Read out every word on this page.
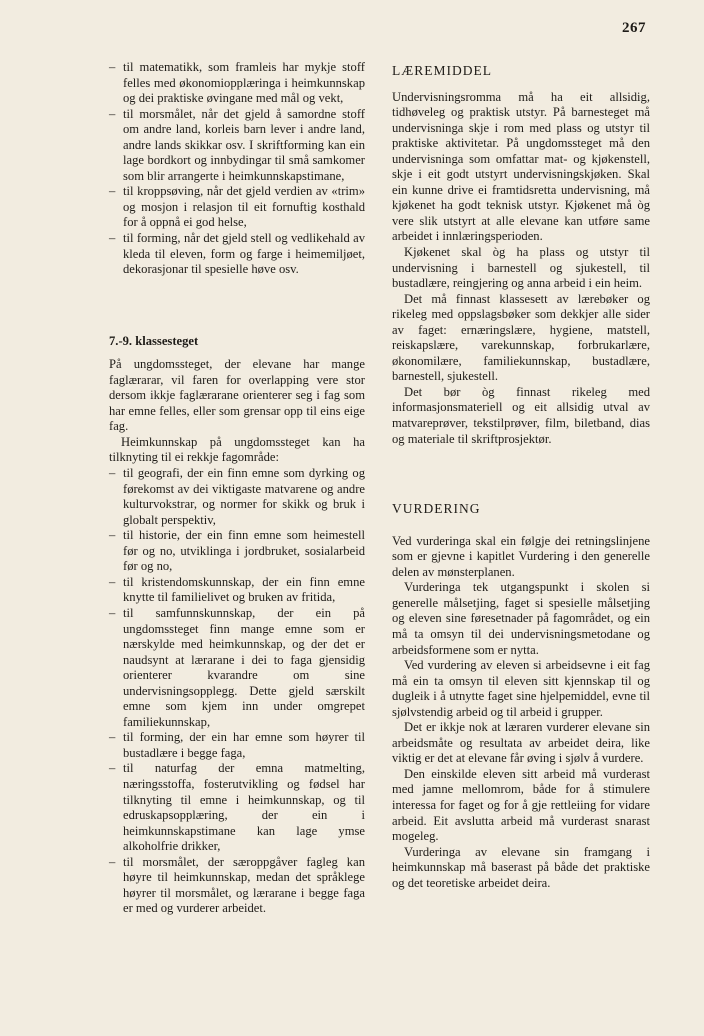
267
– til matematikk, som framleis har mykje stoff felles med økonomiopplæringa i heimkunnskap og dei praktiske øvingane med mål og vekt,
– til morsmålet, når det gjeld å samordne stoff om andre land, korleis barn lever i andre land, andre lands skikkar osv. I skriftforming kan ein lage bordkort og innbydingar til små samkomer som blir arrangerte i heimkunnskapstimane,
– til kroppsøving, når det gjeld verdien av «trim» og mosjon i relasjon til eit fornuftig kosthald for å oppnå ei god helse,
– til forming, når det gjeld stell og vedlikehald av kleda til eleven, form og farge i heimemiljøet, dekorasjonar til spesielle høve osv.
7.-9. klassesteget

På ungdomssteget, der elevane har mange faglærarar, vil faren for overlapping vere stor dersom ikkje faglærarane orienterer seg i fag som har emne felles, eller som grensar opp til eins eige fag.

Heimkunnskap på ungdomssteget kan ha tilknyting til ei rekkje fagområde:

– til geografi, der ein finn emne som dyrking og førekomst av dei viktigaste matvarene og andre kulturvokstrar, og normer for skikk og bruk i globalt perspektiv,
– til historie, der ein finn emne som heimestell før og no, utviklinga i jordbruket, sosialarbeid før og no,
– til kristendomskunnskap, der ein finn emne knytte til familielivet og bruken av fritida,
– til samfunnskunnskap, der ein på ungdomssteget finn mange emne som er nærskylde med heimkunnskap, og der det er naudsynt at lærarane i dei to faga gjensidig orienterer kvarandre om sine undervisningsopplegg. Dette gjeld særskilt emne som kjem inn under omgrepet familiekunnskap,
– til forming, der ein har emne som høyrer til bustadlære i begge faga,
– til naturfag der emna matmelting, næringsstoffa, fosterutvikling og fødsel har tilknyting til emne i heimkunnskap, og til edruskapsopplæring, der ein i heimkunnskapstimane kan lage ymse alkoholfrie drikker,
– til morsmålet, der særoppgåver fagleg kan høyre til heimkunnskap, medan det språklege høyrer til morsmålet, og lærarane i begge faga er med og vurderer arbeidet.
LÆREMIDDEL

Undervisningsromma må ha eit allsidig, tidhøveleg og praktisk utstyr. På barnesteget må undervisninga skje i rom med plass og utstyr til praktiske aktivitetar. På ungdomssteget må den undervisninga som omfattar mat- og kjøkenstell, skje i eit godt utstyrt undervisningskjøken. Skal ein kunne drive ei framtidsretta undervisning, må kjøkenet ha godt teknisk utstyr. Kjøkenet må òg vere slik utstyrt at alle elevane kan utføre same arbeidet i innlæringsperioden.

Kjøkenet skal òg ha plass og utstyr til undervisning i barnestell og sjukestell, til bustadlære, reingjering og anna arbeid i ein heim.

Det må finnast klassesett av lærebøker og rikeleg med oppslagsbøker som dekkjer alle sider av faget: ernæringslære, hygiene, matstell, reiskapslære, varekunnskap, forbrukarlære, økonomilære, familiekunnskap, bustadlære, barnestell, sjukestell.

Det bør òg finnast rikeleg med informasjonsmateriell og eit allsidig utval av matvareprøver, tekstilprøver, film, biletband, dias og materiale til skriftprosjektør.

VURDERING

Ved vurderinga skal ein følgje dei retningslinjene som er gjevne i kapitlet Vurdering i den generelle delen av mønsterplanen.

Vurderinga tek utgangspunkt i skolen si generelle målsetjing, faget si spesielle målsetjing og eleven sine føresetnader på fagområdet, og ein må ta omsyn til dei undervisningsmetodane og arbeidsformene som er nytta.

Ved vurdering av eleven si arbeidsevne i eit fag må ein ta omsyn til eleven sitt kjennskap til og dugleik i å utnytte faget sine hjelpemiddel, evne til sjølvstendig arbeid og til arbeid i grupper.

Det er ikkje nok at læraren vurderer elevane sin arbeidsmåte og resultata av arbeidet deira, like viktig er det at elevane får øving i sjølv å vurdere.

Den einskilde eleven sitt arbeid må vurderast med jamne mellomrom, både for å stimulere interessa for faget og for å gje rettleiing for vidare arbeid. Eit avslutta arbeid må vurderast snarast mogeleg.

Vurderinga av elevane sin framgang i heimkunnskap må baserast på både det praktiske og det teoretiske arbeidet deira.
